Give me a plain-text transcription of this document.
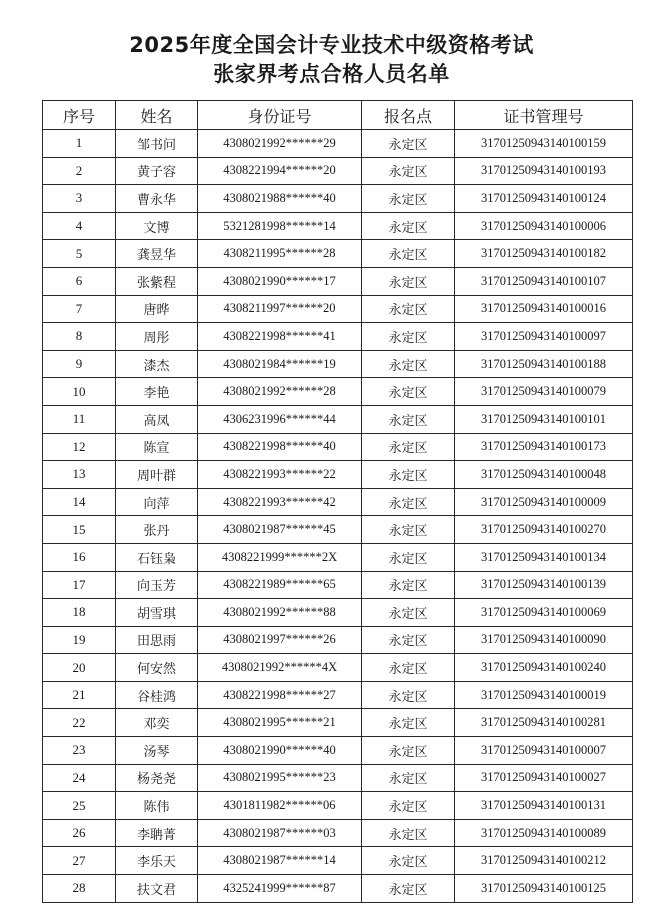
2025年度全国会计专业技术中级资格考试
张家界考点合格人员名单
序号	姓名	身份证号	报名点	证书管理号
1	邹书问	4308021992******29	永定区	31701250943140100159
2	黄子容	4308221994******20	永定区	31701250943140100193
3	曹永华	4308021988******40	永定区	31701250943140100124
4	文博	5321281998******14	永定区	31701250943140100006
5	龚昱华	4308211995******28	永定区	31701250943140100182
6	张紫程	4308021990******17	永定区	31701250943140100107
7	唐晔	4308211997******20	永定区	31701250943140100016
8	周彤	4308221998******41	永定区	31701250943140100097
9	漆杰	4308021984******19	永定区	31701250943140100188
10	李艳	4308021992******28	永定区	31701250943140100079
11	高凤	4306231996******44	永定区	31701250943140100101
12	陈宣	4308221998******40	永定区	31701250943140100173
13	周叶群	4308221993******22	永定区	31701250943140100048
14	向萍	4308221993******42	永定区	31701250943140100009
15	张丹	4308021987******45	永定区	31701250943140100270
16	石钰枭	4308221999******2X	永定区	31701250943140100134
17	向玉芳	4308221989******65	永定区	31701250943140100139
18	胡雪琪	4308021992******88	永定区	31701250943140100069
19	田思雨	4308021997******26	永定区	31701250943140100090
20	何安然	4308021992******4X	永定区	31701250943140100240
21	谷桂鸿	4308221998******27	永定区	31701250943140100019
22	邓奕	4308021995******21	永定区	31701250943140100281
23	汤琴	4308021990******40	永定区	31701250943140100007
24	杨尧尧	4308021995******23	永定区	31701250943140100027
25	陈伟	4301811982******06	永定区	31701250943140100131
26	李聃菁	4308021987******03	永定区	31701250943140100089
27	李乐天	4308021987******14	永定区	31701250943140100212
28	扶文君	4325241999******87	永定区	31701250943140100125
